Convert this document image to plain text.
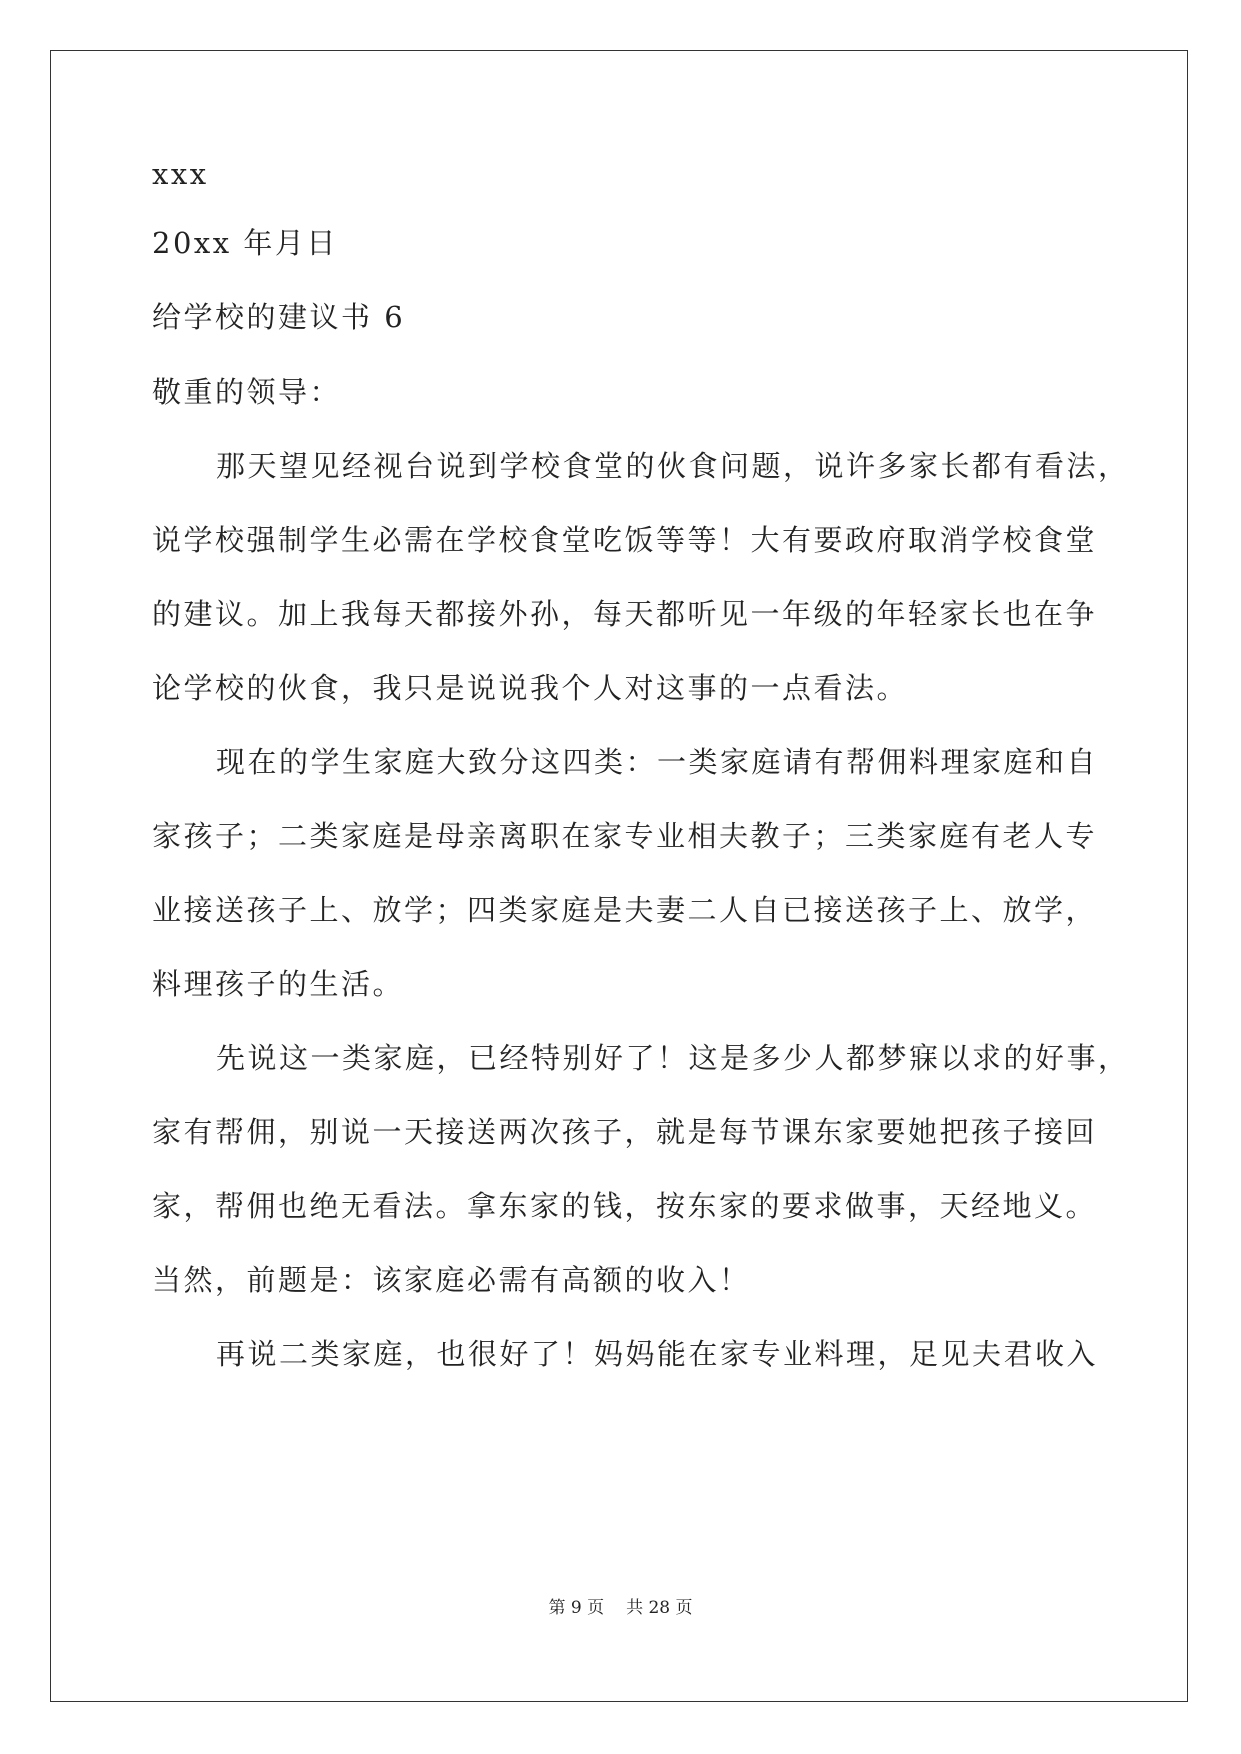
xxx
20xx 年月日
给学校的建议书 6
敬重的领导：
那天望见经视台说到学校食堂的伙食问题，说许多家长都有看法，
说学校强制学生必需在学校食堂吃饭等等！大有要政府取消学校食堂
的建议。加上我每天都接外孙，每天都听见一年级的年轻家长也在争
论学校的伙食，我只是说说我个人对这事的一点看法。
现在的学生家庭大致分这四类：一类家庭请有帮佣料理家庭和自
家孩子；二类家庭是母亲离职在家专业相夫教子；三类家庭有老人专
业接送孩子上、放学；四类家庭是夫妻二人自已接送孩子上、放学，
料理孩子的生活。
先说这一类家庭，已经特别好了！这是多少人都梦寐以求的好事，
家有帮佣，别说一天接送两次孩子，就是每节课东家要她把孩子接回
家，帮佣也绝无看法。拿东家的钱，按东家的要求做事，天经地义。
当然，前题是：该家庭必需有高额的收入！
再说二类家庭，也很好了！妈妈能在家专业料理，足见夫君收入
第 9 页 共 28 页
